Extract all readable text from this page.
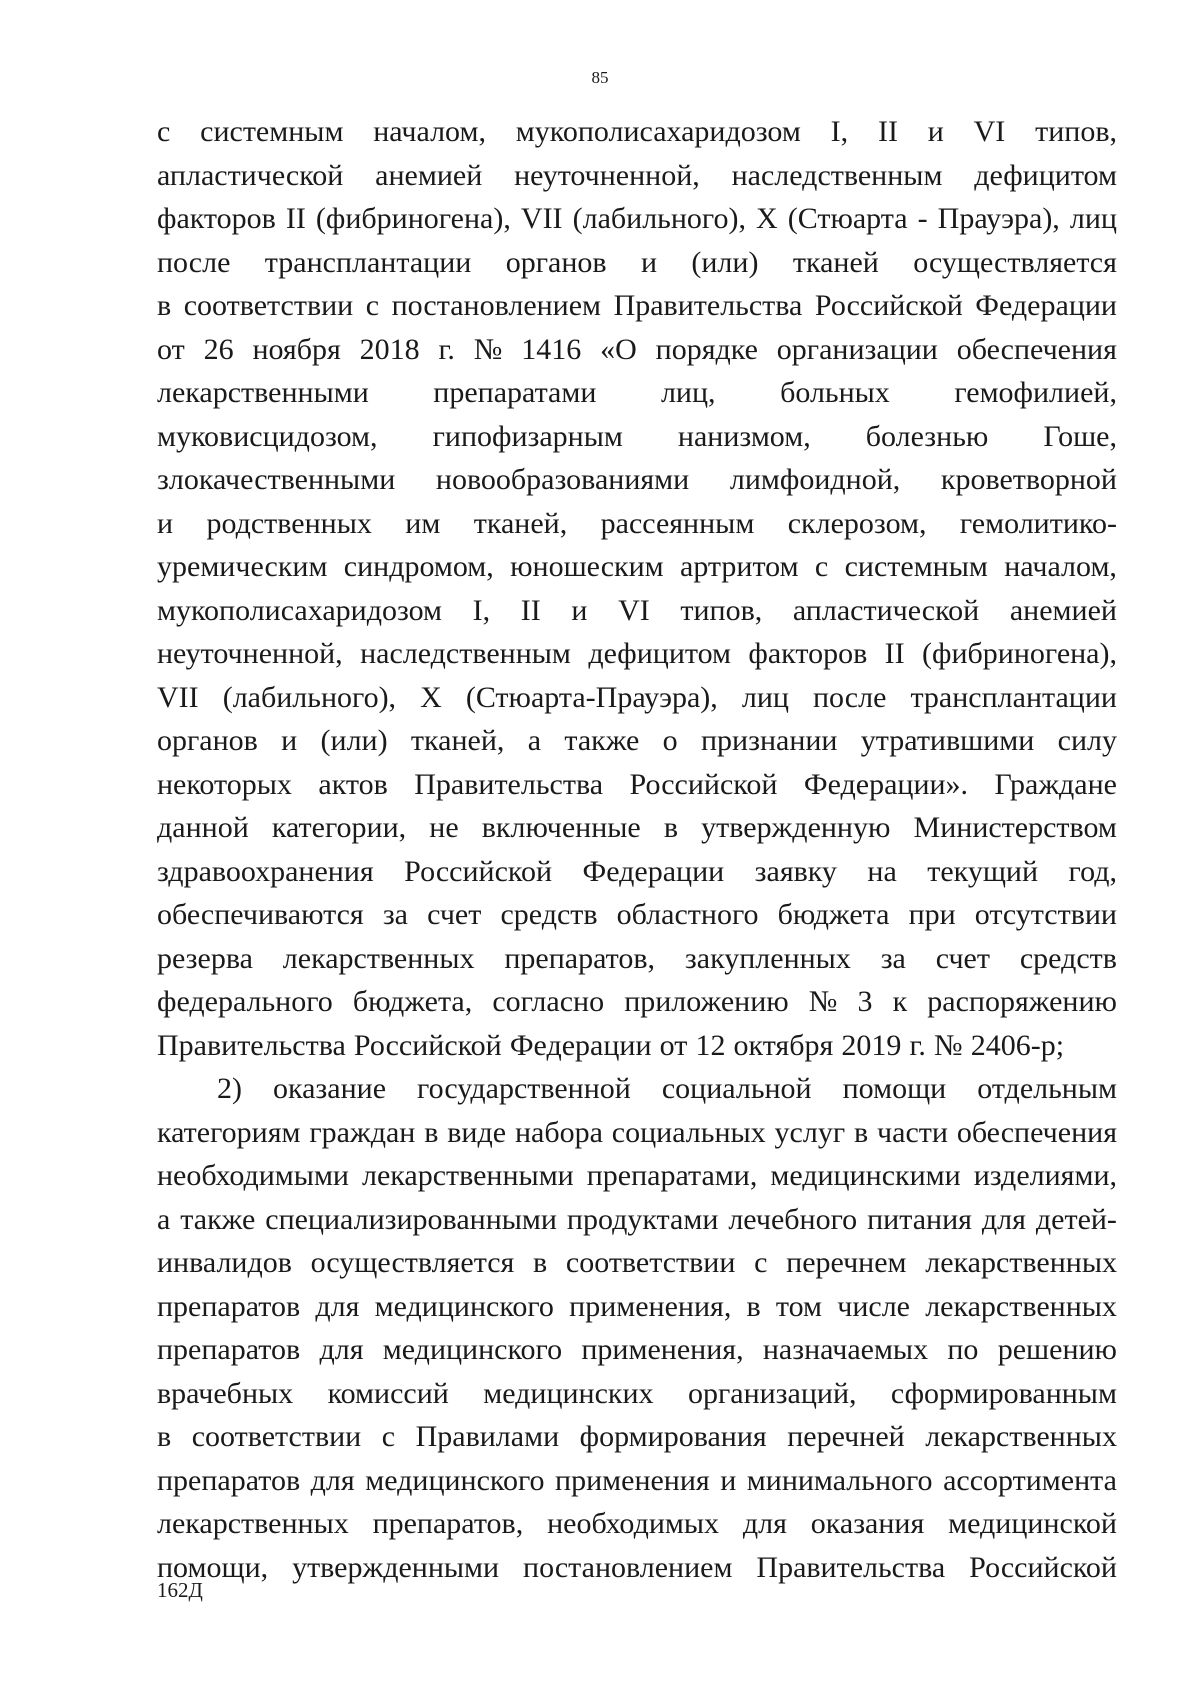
85
с системным началом, мукополисахаридозом I, II и VI типов,
апластической анемией неуточненной, наследственным дефицитом
факторов II (фибриногена), VII (лабильного), X (Стюарта - Прауэра), лиц
после трансплантации органов и (или) тканей осуществляется
в соответствии с постановлением Правительства Российской Федерации
от 26 ноября 2018 г. № 1416 «О порядке организации обеспечения
лекарственными препаратами лиц, больных гемофилией,
муковисцидозом, гипофизарным нанизмом, болезнью Гоше,
злокачественными новообразованиями лимфоидной, кроветворной
и родственных им тканей, рассеянным склерозом, гемолитико-
уремическим синдромом, юношеским артритом с системным началом,
мукополисахаридозом I, II и VI типов, апластической анемией
неуточненной, наследственным дефицитом факторов II (фибриногена),
VII (лабильного), X (Стюарта-Прауэра), лиц после трансплантации
органов и (или) тканей, а также о признании утратившими силу
некоторых актов Правительства Российской Федерации». Граждане
данной категории, не включенные в утвержденную Министерством
здравоохранения Российской Федерации заявку на текущий год,
обеспечиваются за счет средств областного бюджета при отсутствии
резерва лекарственных препаратов, закупленных за счет средств
федерального бюджета, согласно приложению № 3 к распоряжению
Правительства Российской Федерации от 12 октября 2019 г. № 2406-р;
2) оказание государственной социальной помощи отдельным
категориям граждан в виде набора социальных услуг в части обеспечения
необходимыми лекарственными препаратами, медицинскими изделиями,
а также специализированными продуктами лечебного питания для детей-
инвалидов осуществляется в соответствии с перечнем лекарственных
препаратов для медицинского применения, в том числе лекарственных
препаратов для медицинского применения, назначаемых по решению
врачебных комиссий медицинских организаций, сформированным
в соответствии с Правилами формирования перечней лекарственных
препаратов для медицинского применения и минимального ассортимента
лекарственных препаратов, необходимых для оказания медицинской
помощи, утвержденными постановлением Правительства Российской
162Д
